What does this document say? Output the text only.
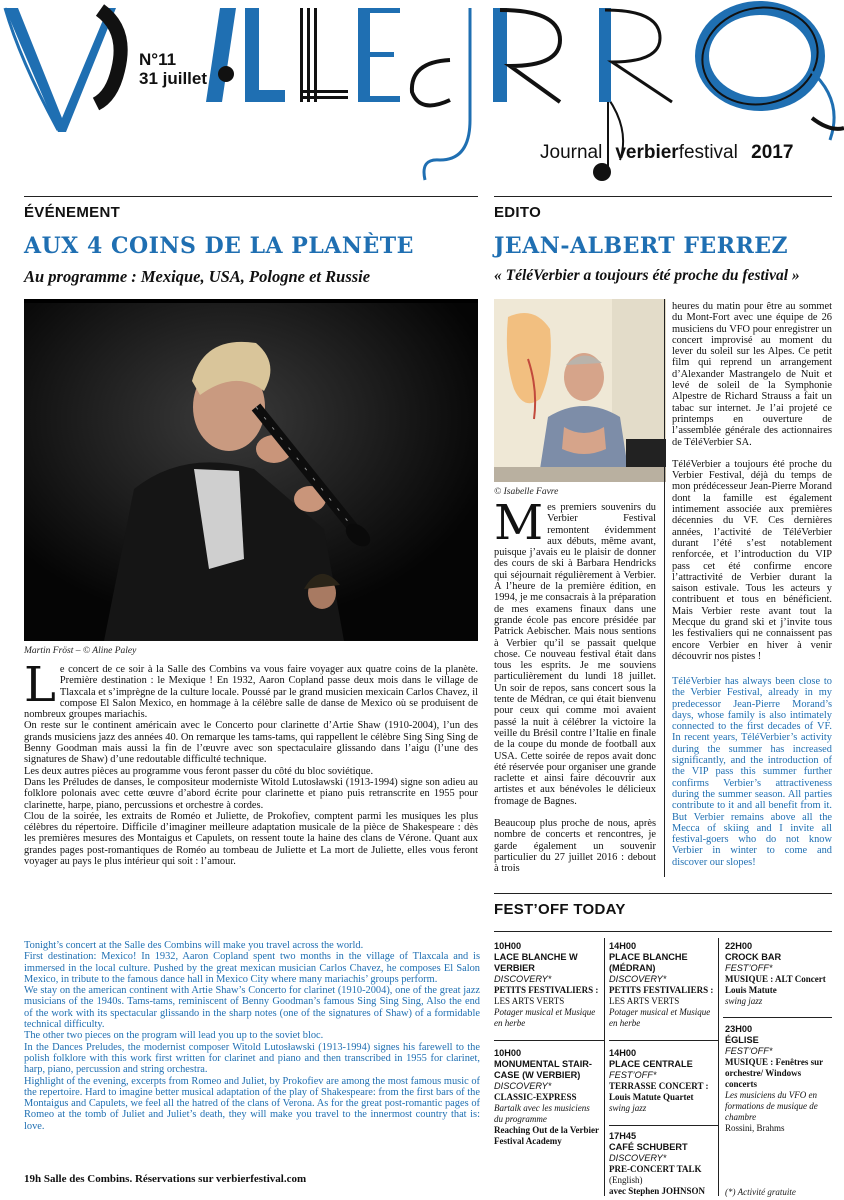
N°11
31 juillet
Journal verbierfestival 2017
ÉVÉNEMENT
AUX 4 COINS DE LA PLANÈTE
Au programme : Mexique, USA, Pologne et Russie
Martin Fröst – © Aline Paley
L e concert de ce soir à la Salle des Combins va vous faire voyager aux quatre coins de la planète. Première destination : le Mexique ! En 1932, Aaron Copland passe deux mois dans le village de Tlaxcala et s’imprègne de la culture locale. Poussé par le grand musicien mexicain Carlos Chavez, il compose El Salon Mexico, en hommage à la célèbre salle de danse de Mexico où se produisent de nombreux groupes mariachis.

On reste sur le continent américain avec le Concerto pour clarinette d’Artie Shaw (1910-2004), l’un des grands musiciens jazz des années 40. On remarque les tams-tams, qui rappellent le célèbre Sing Sing Sing de Benny Goodman mais aussi la fin de l’œuvre avec son spectaculaire glissando dans l’aigu (l’une des signatures de Shaw) d’une redoutable difficulté technique.

Les deux autres pièces au programme vous feront passer du côté du bloc soviétique.

Dans les Préludes de danses, le compositeur moderniste Witold Lutosławski (1913-1994) signe son adieu au folklore polonais avec cette œuvre d’abord écrite pour clarinette et piano puis retranscrite en 1955 pour clarinette, harpe, piano, percussions et orchestre à cordes.

Clou de la soirée, les extraits de Roméo et Juliette, de Prokofiev, comptent parmi les musiques les plus célèbres du répertoire. Difficile d’imaginer meilleure adaptation musicale de la pièce de Shakespeare : dès les premières mesures des Montaigus et Capulets, on ressent toute la haine des clans de Vérone. Quant aux grandes pages post-romantiques de Roméo au tombeau de Juliette et La mort de Juliette, elles vous feront voyager au pays le plus intérieur qui soit : l’amour.

Tonight’s concert at the Salle des Combins will make you travel across the world.

First destination: Mexico! In 1932, Aaron Copland spent two months in the village of Tlaxcala and is immersed in the local culture. Pushed by the great mexican musician Carlos Chavez, he composes El Salon Mexico, in tribute to the famous dance hall in Mexico City where many mariachis’ groups perform.

We stay on the american continent with Artie Shaw’s Concerto for clarinet (1910-2004), one of the great jazz musicians of the 1940s. Tams-tams, reminiscent of Benny Goodman’s famous Sing Sing Sing, Also the end of the work with its spectacular glissando in the sharp notes (one of the signatures of Shaw) of a formidable technical difficulty.

The other two pieces on the program will lead you up to the soviet bloc.

In the Dances Preludes, the modernist composer Witold Lutosławski (1913-1994) signes his farewell to the polish folklore with this work first written for clarinet and piano and then transcribed in 1955 for clarinet, harp, piano, percussion and string orchestra.

Highlight of the evening, excerpts from Romeo and Juliet, by Prokofiev are among the most famous music of the repertoire. Hard to imagine better musical adaptation of the play of Shakespeare: from the first bars of the Montaigus and Capulets, we feel all the hatred of the clans of Verona. As for the great post-romantic pages of Romeo at the tomb of Juliet and Juliet’s death, they will make you travel to the innermost country that is: love.

19h Salle des Combins. Réservations sur verbierfestival.com
EDITO
JEAN-ALBERT FERREZ
« TéléVerbier a toujours été proche du festival »
© Isabelle Favre
M es premiers souvenirs du Verbier Festival remontent évidemment aux débuts, même avant, puisque j’avais eu le plaisir de donner des cours de ski à Barbara Hendricks qui séjournait régulièrement à Verbier. A l’heure de la première édition, en 1994, je me consacrais à la préparation de mes examens finaux dans une grande école pas encore présidée par Patrick Aebischer. Mais nous sentions à Verbier qu’il se passait quelque chose. Ce nouveau festival était dans tous les esprits. Je me souviens particulièrement du lundi 18 juillet. Un soir de repos, sans concert sous la tente de Médran, ce qui était bienvenu pour ceux qui comme moi avaient passé la nuit à célébrer la victoire la veille du Brésil contre l’Italie en finale de la coupe du monde de football aux USA. Cette soirée de repos avait donc été réservée pour organiser une grande raclette et ainsi faire découvrir aux artistes et aux bénévoles le délicieux fromage de Bagnes.

Beaucoup plus proche de nous, après nombre de concerts et rencontres, je garde également un souvenir particulier du 27 juillet 2016 : debout à trois

heures du matin pour être au sommet du Mont-Fort avec une équipe de 26 musiciens du VFO pour enregistrer un concert improvisé au moment du lever du soleil sur les Alpes. Ce petit film qui reprend un arrangement d’Alexander Mastrangelo de Nuit et levé de soleil de la Symphonie Alpestre de Richard Strauss a fait un tabac sur internet. Je l’ai projeté ce printemps en ouverture de l’assemblée générale des actionnaires de TéléVerbier SA.

TéléVerbier a toujours été proche du Verbier Festival, déjà du temps de mon prédécesseur Jean-Pierre Morand dont la famille est également intimement associée aux premières décennies du VF. Ces dernières années, l’activité de TéléVerbier durant l’été s’est notablement renforcée, et l’introduction du VIP pass cet été confirme encore l’attractivité de Verbier durant la saison estivale. Tous les acteurs y contribuent et tous en bénéficient. Mais Verbier reste avant tout la Mecque du grand ski et j’invite tous les festivaliers qui ne connaissent pas encore Verbier en hiver à venir découvrir nos pistes !

TéléVerbier has always been close to the Verbier Festival, already in my predecessor Jean-Pierre Morand’s days, whose family is also intimately connected to the first decades of VF. In recent years, TéléVerbier’s activity during the summer has increased significantly, and the introduction of the VIP pass this summer further confirms Verbier’s attractiveness during the summer season. All parties contribute to it and all benefit from it. But Verbier remains above all the Mecca of skiing and I invite all festival-goers who do not know Verbier in winter to come and discover our slopes!
FEST’OFF TODAY
10H00
LACE BLANCHE W VERBIER
DISCOVERY*
PETITS FESTIVALIERS :
LES ARTS VERTS
Potager musical et Musique en herbe
10H00
MONUMENTAL STAIR-CASE (W VERBIER)
DISCOVERY*
CLASSIC-EXPRESS
Bartalk avec les musiciens du programme
Reaching Out de la Verbier Festival Academy
14H00
PLACE BLANCHE (MÉDRAN)
DISCOVERY*
PETITS FESTIVALIERS :
LES ARTS VERTS
Potager musical et Musique en herbe
14H00
PLACE CENTRALE
FEST’OFF*
TERRASSE CONCERT :
Louis Matute Quartet
swing jazz
17H45
CAFÉ SCHUBERT
DISCOVERY*
PRE-CONCERT TALK
(English)
avec Stephen JOHNSON
22H00
CROCK BAR
FEST’OFF*
MUSIQUE : ALT Concert
Louis Matute
swing jazz
23H00
ÉGLISE
FEST’OFF*
MUSIQUE : Fenêtres sur orchestre/ Windows concerts
Les musiciens du VFO en formations de musique de chambre
Rossini, Brahms
(*) Activité gratuite
